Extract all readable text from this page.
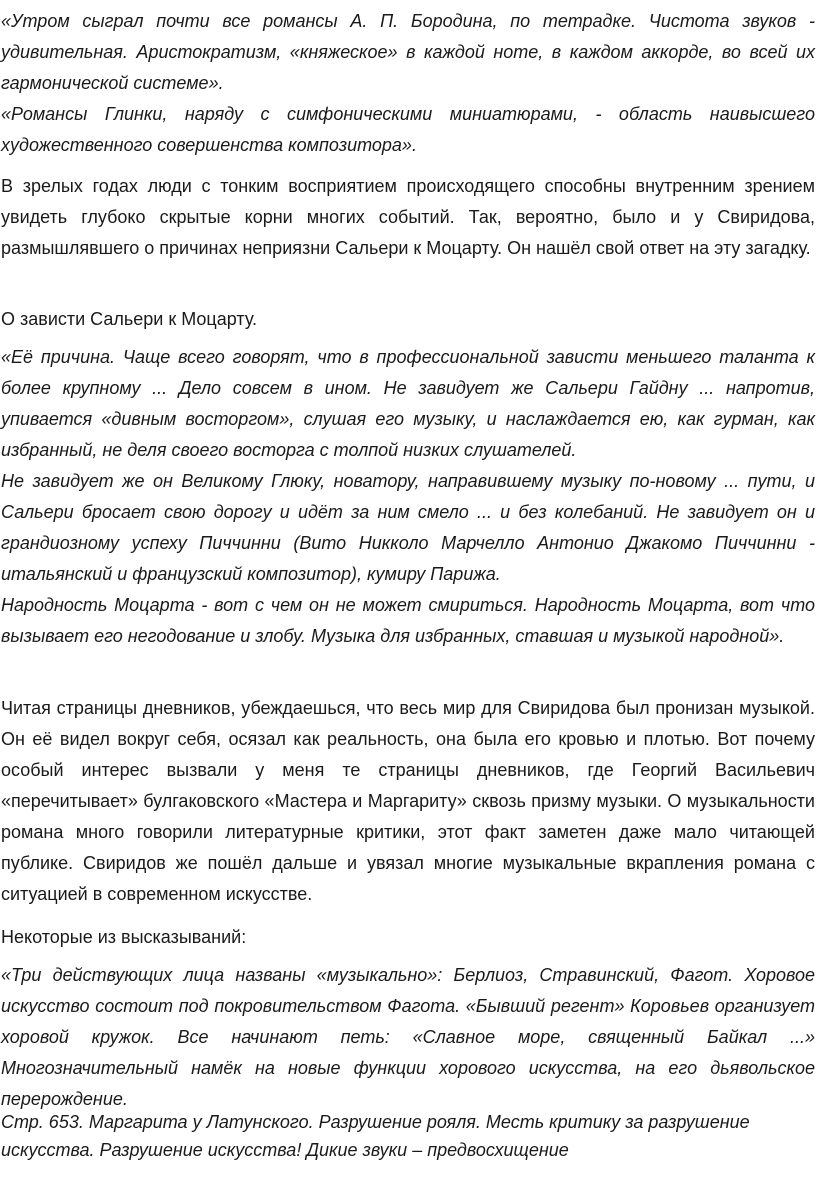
«Утром сыграл почти все романсы А. П. Бородина, по тетрадке. Чистота звуков - удивительная. Аристократизм, «княжеское» в каждой ноте, в каждом аккорде, во всей их гармонической системе».

«Романсы Глинки, наряду с симфоническими миниатюрами, - область наивысшего художественного совершенства композитора».

В зрелых годах люди с тонким восприятием происходящего способны внутренним зрением увидеть глубоко скрытые корни многих событий. Так, вероятно, было и у Свиридова, размышлявшего о причинах неприязни Сальери к Моцарту. Он нашёл свой ответ на эту загадку.

О зависти Сальери к Моцарту.

«Её причина. Чаще всего говорят, что в профессиональной зависти меньшего таланта к более крупному ... Дело совсем в ином. Не завидует же Сальери Гайдну ... напротив, упивается «дивным восторгом», слушая его музыку, и наслаждается ею, как гурман, как избранный, не деля своего восторга с толпой низких слушателей.

Не завидует же он Великому Глюку, новатору, направившему музыку по-новому ... пути, и Сальери бросает свою дорогу и идёт за ним смело ... и без колебаний. Не завидует он и грандиозному успеху Пиччинни (Вито Никколо Марчелло Антонио Джакомо Пиччинни - итальянский и французский композитор), кумиру Парижа.

Народность Моцарта - вот с чем он не может смириться. Народность Моцарта, вот что вызывает его негодование и злобу. Музыка для избранных, ставшая и музыкой народной».

Читая страницы дневников, убеждаешься, что весь мир для Свиридова был пронизан музыкой. Он её видел вокруг себя, осязал как реальность, она была его кровью и плотью. Вот почему особый интерес вызвали у меня те страницы дневников, где Георгий Васильевич «перечитывает» булгаковского «Мастера и Маргариту» сквозь призму музыки. О музыкальности романа много говорили литературные критики, этот факт заметен даже мало читающей публике. Свиридов же пошёл дальше и увязал многие музыкальные вкрапления романа с ситуацией в современном искусстве.

Некоторые из высказываний:

«Три действующих лица названы «музыкально»: Берлиоз, Стравинский, Фагот. Хоровое искусство состоит под покровительством Фагота. «Бывший регент» Коровьев организует хоровой кружок. Все начинают петь: «Славное море, священный Байкал ...» Многозначительный намёк на новые функции хорового искусства, на его дьявольское перерождение.

Стр. 653. Маргарита у Латунского. Разрушение рояля. Месть критику за разрушение искусства. Разрушение искусства! Дикие звуки – предвосхищение
